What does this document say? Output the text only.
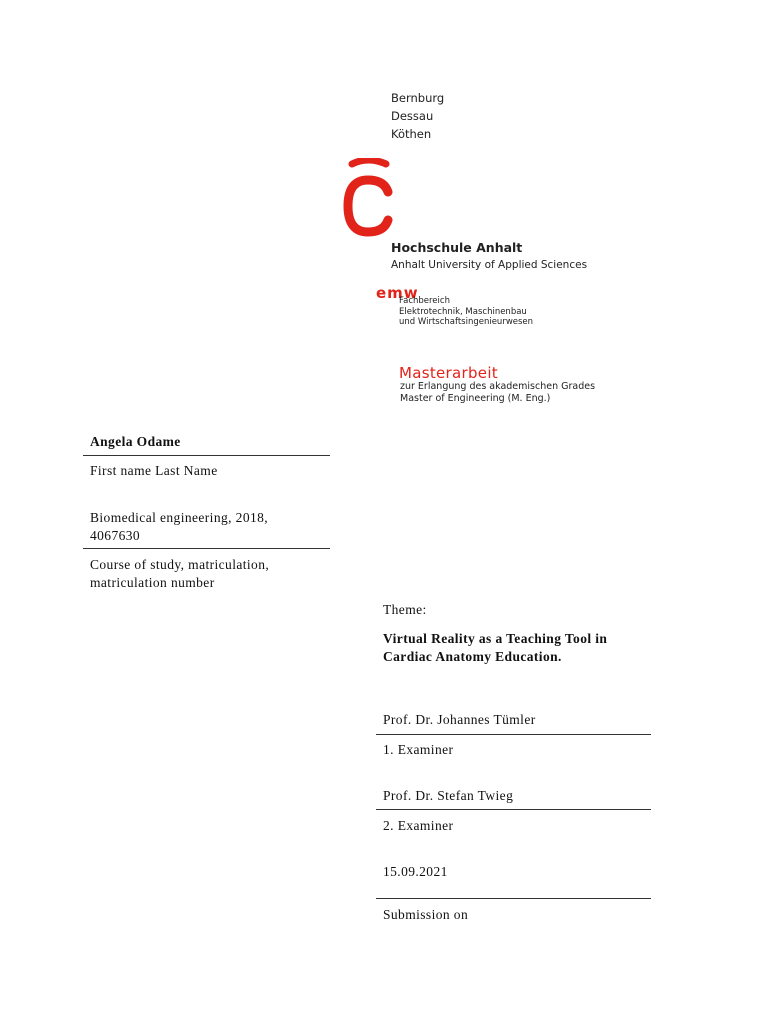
Bernburg
Dessau
Köthen
Hochschule Anhalt
Anhalt University of Applied Sciences
emw
Fachbereich
Elektrotechnik, Maschinenbau
und Wirtschaftsingenieurwesen
Masterarbeit
zur Erlangung des akademischen Grades
Master of Engineering (M. Eng.)
Angela Odame
First name Last Name
Biomedical engineering, 2018, 4067630
Course of study, matriculation, matriculation number
Theme:
Virtual Reality as a Teaching Tool in Cardiac Anatomy Education.
Prof. Dr. Johannes Tümler
1. Examiner
Prof. Dr. Stefan Twieg
2. Examiner
15.09.2021
Submission on
